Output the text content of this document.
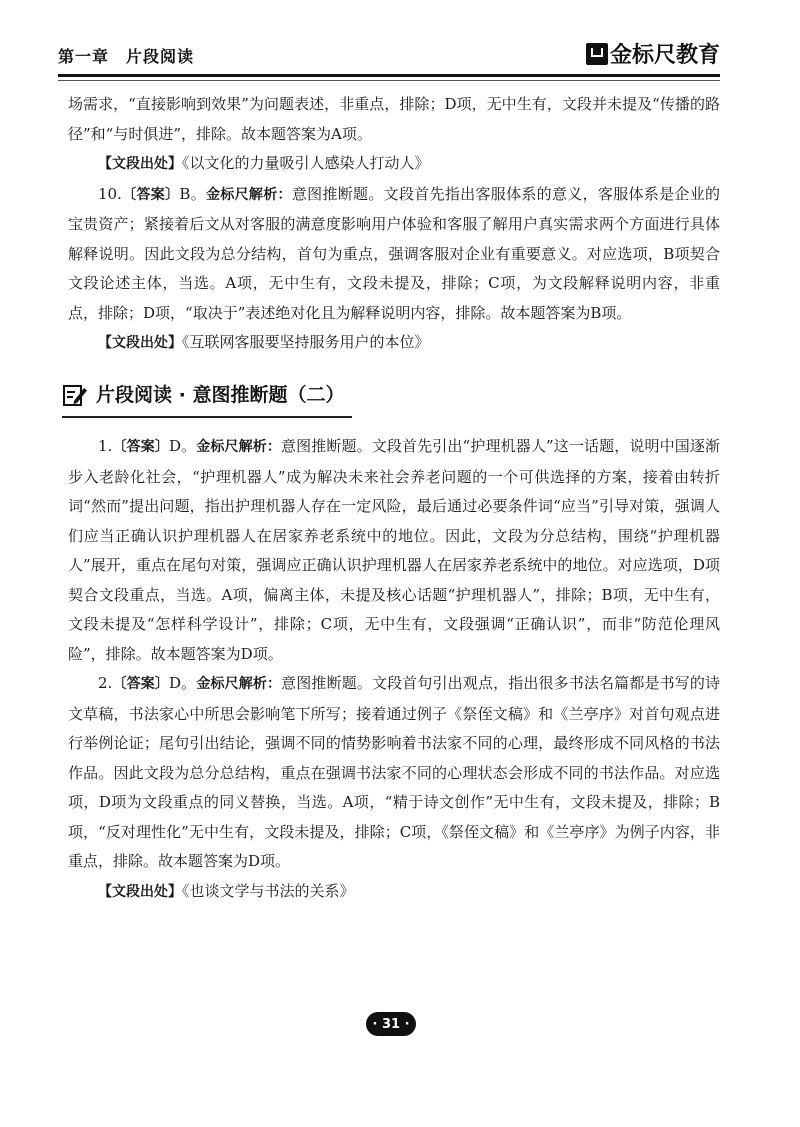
第一章　片段阅读	金标尺教育

场需求，“直接影响到效果”为问题表述，非重点，排除；D项，无中生有，文段并未提及“传播的路径”和“与时俱进”，排除。故本题答案为A项。

【文段出处】《以文化的力量吸引人感染人打动人》

10.〔答案〕B。金标尺解析：意图推断题。文段首先指出客服体系的意义，客服体系是企业的宝贵资产；紧接着后文从对客服的满意度影响用户体验和客服了解用户真实需求两个方面进行具体解释说明。因此文段为总分结构，首句为重点，强调客服对企业有重要意义。对应选项，B项契合文段论述主体，当选。A项，无中生有，文段未提及，排除；C项，为文段解释说明内容，非重点，排除；D项，“取决于”表述绝对化且为解释说明内容，排除。故本题答案为B项。

【文段出处】《互联网客服要坚持服务用户的本位》

片段阅读 · 意图推断题（二）

1.〔答案〕D。金标尺解析：意图推断题。文段首先引出“护理机器人”这一话题，说明中国逐渐步入老龄化社会，“护理机器人”成为解决未来社会养老问题的一个可供选择的方案，接着由转折词“然而”提出问题，指出护理机器人存在一定风险，最后通过必要条件词“应当”引导对策，强调人们应当正确认识护理机器人在居家养老系统中的地位。因此，文段为分总结构，围绕“护理机器人”展开，重点在尾句对策，强调应正确认识护理机器人在居家养老系统中的地位。对应选项，D项契合文段重点，当选。A项，偏离主体，未提及核心话题“护理机器人”，排除；B项，无中生有，文段未提及“怎样科学设计”，排除；C项，无中生有，文段强调“正确认识”，而非“防范伦理风险”，排除。故本题答案为D项。

2.〔答案〕D。金标尺解析：意图推断题。文段首句引出观点，指出很多书法名篇都是书写的诗文草稿，书法家心中所思会影响笔下所写；接着通过例子《祭侄文稿》和《兰亭序》对首句观点进行举例论证；尾句引出结论，强调不同的情势影响着书法家不同的心理，最终形成不同风格的书法作品。因此文段为总分总结构，重点在强调书法家不同的心理状态会形成不同的书法作品。对应选项，D项为文段重点的同义替换，当选。A项，“精于诗文创作”无中生有，文段未提及，排除；B项，“反对理性化”无中生有，文段未提及，排除；C项，《祭侄文稿》和《兰亭序》为例子内容，非重点，排除。故本题答案为D项。

【文段出处】《也谈文学与书法的关系》

· 31 ·
